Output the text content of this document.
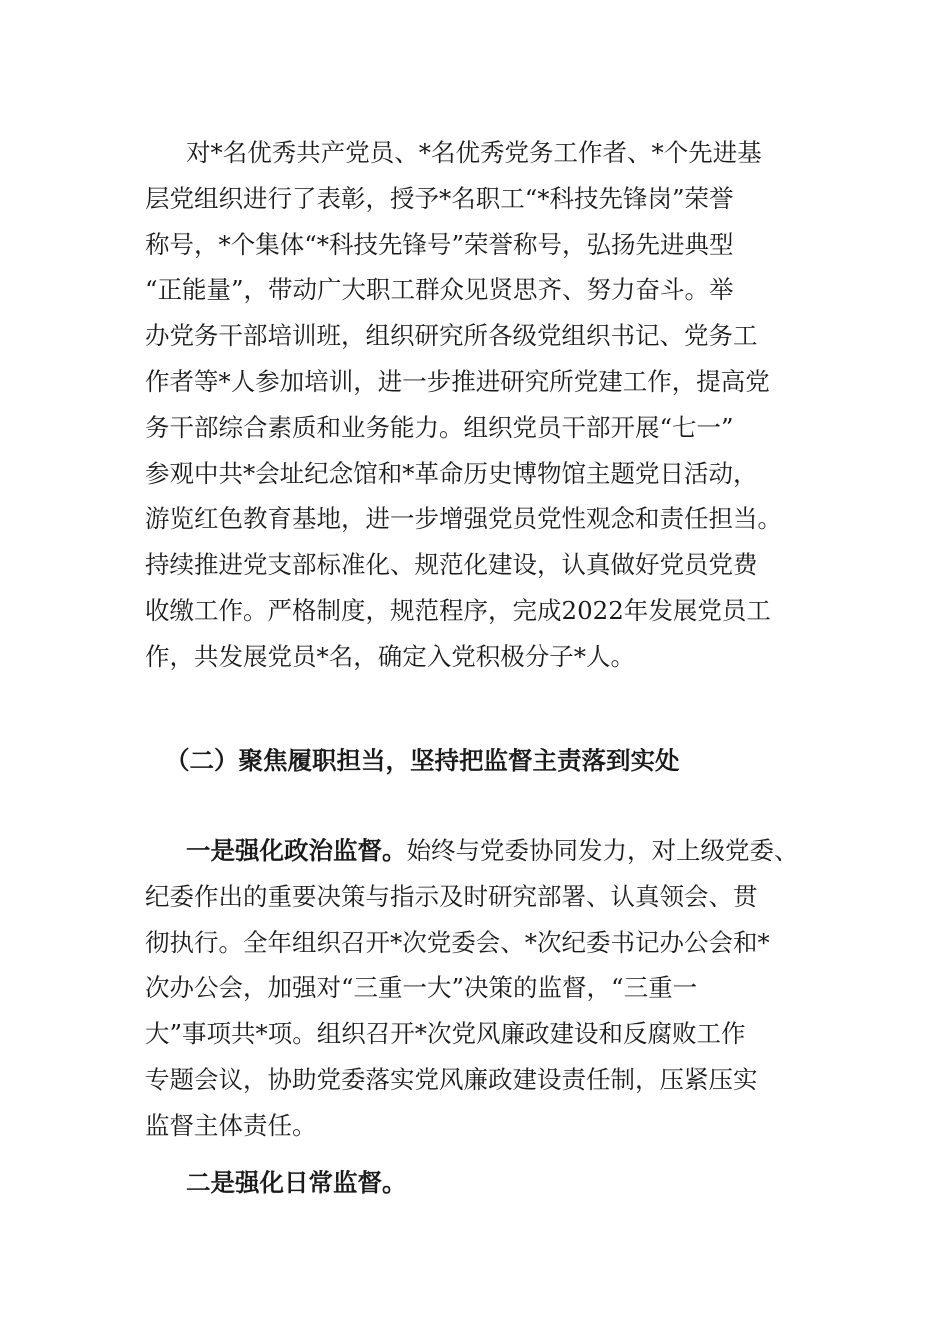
对*名优秀共产党员、*名优秀党务工作者、*个先进基
层党组织进行了表彰，授予*名职工“*科技先锋岗”荣誉
称号，*个集体“*科技先锋号”荣誉称号，弘扬先进典型
“正能量”，带动广大职工群众见贤思齐、努力奋斗。举
办党务干部培训班，组织研究所各级党组织书记、党务工
作者等*人参加培训，进一步推进研究所党建工作，提高党
务干部综合素质和业务能力。组织党员干部开展“七一”
参观中共*会址纪念馆和*革命历史博物馆主题党日活动，
游览红色教育基地，进一步增强党员党性观念和责任担当。
持续推进党支部标准化、规范化建设，认真做好党员党费
收缴工作。严格制度，规范程序，完成2022年发展党员工
作，共发展党员*名，确定入党积极分子*人。

（二）聚焦履职担当，坚持把监督主责落到实处

一是强化政治监督。始终与党委协同发力，对上级党委、
纪委作出的重要决策与指示及时研究部署、认真领会、贯
彻执行。全年组织召开*次党委会、*次纪委书记办公会和*
次办公会，加强对“三重一大”决策的监督，“三重一
大”事项共*项。组织召开*次党风廉政建设和反腐败工作
专题会议，协助党委落实党风廉政建设责任制，压紧压实
监督主体责任。

二是强化日常监督。
